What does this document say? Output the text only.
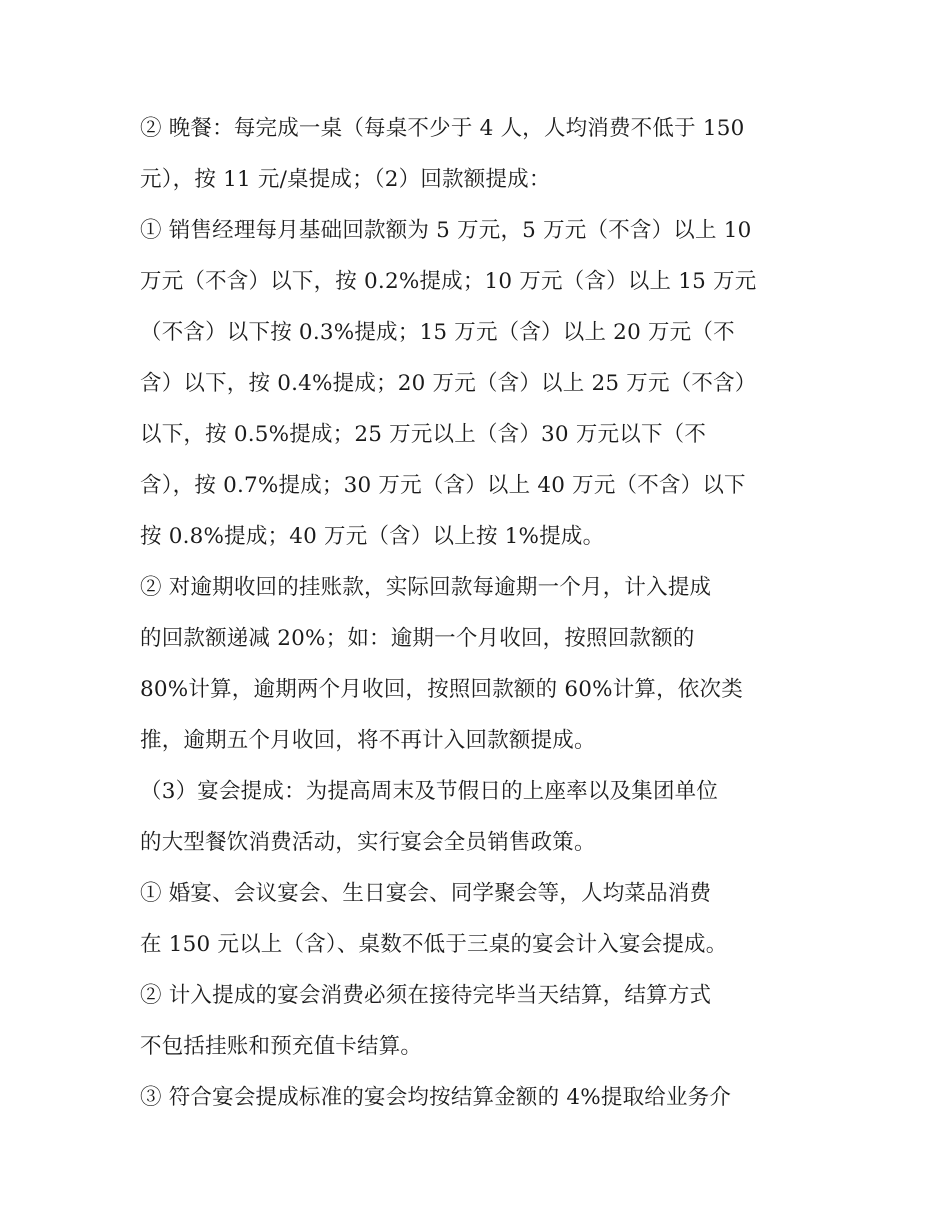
② 晚餐：每完成一桌（每桌不少于 4 人，人均消费不低于 150
元），按 11 元/桌提成；（2）回款额提成：
① 销售经理每月基础回款额为 5 万元，5 万元（不含）以上 10
万元（不含）以下，按 0.2%提成；10 万元（含）以上 15 万元
（不含）以下按 0.3%提成；15 万元（含）以上 20 万元（不
含）以下，按 0.4%提成；20 万元（含）以上 25 万元（不含）
以下，按 0.5%提成；25 万元以上（含）30 万元以下（不
含），按 0.7%提成；30 万元（含）以上 40 万元（不含）以下
按 0.8%提成；40 万元（含）以上按 1%提成。
② 对逾期收回的挂账款，实际回款每逾期一个月，计入提成
的回款额递减 20%；如：逾期一个月收回，按照回款额的
80%计算，逾期两个月收回，按照回款额的 60%计算，依次类
推，逾期五个月收回，将不再计入回款额提成。
（3）宴会提成：为提高周末及节假日的上座率以及集团单位
的大型餐饮消费活动，实行宴会全员销售政策。
① 婚宴、会议宴会、生日宴会、同学聚会等，人均菜品消费
在 150 元以上（含）、桌数不低于三桌的宴会计入宴会提成。
② 计入提成的宴会消费必须在接待完毕当天结算，结算方式
不包括挂账和预充值卡结算。
③ 符合宴会提成标准的宴会均按结算金额的 4%提取给业务介
